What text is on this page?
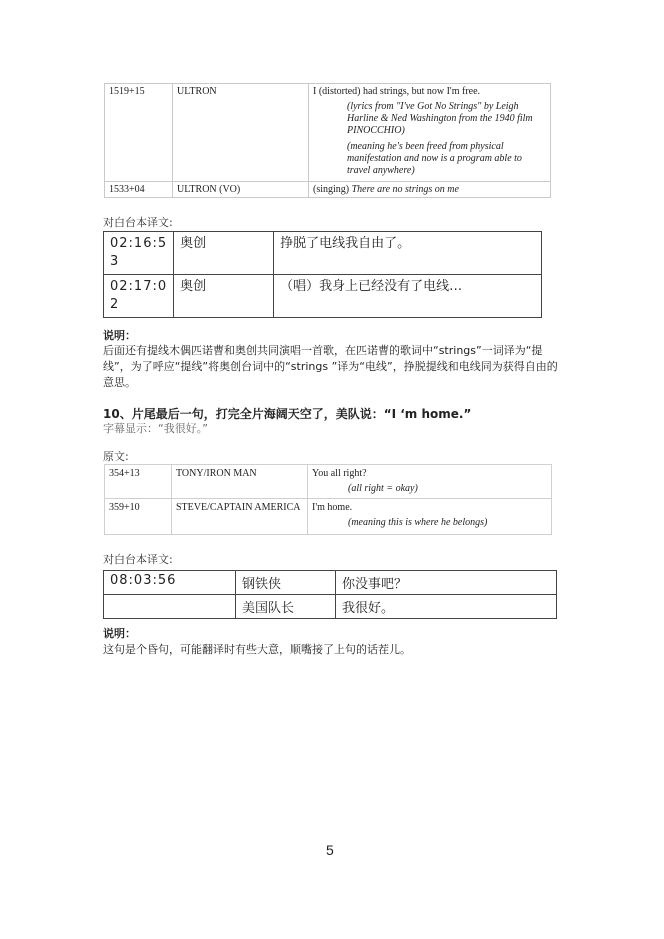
1519+15	ULTRON	I (distorted) had strings, but now I'm free.
(lyrics from "I've Got No Strings" by Leigh Harline & Ned Washington from the 1940 film PINOCCHIO)
(meaning he's been freed from physical manifestation and now is a program able to travel anywhere)

1533+04	ULTRON (VO)	(singing) There are no strings on me
对白台本译文:
02:16:5
3	奥创	挣脱了电线我自由了。

02:17:0
2	奥创	（唱）我身上已经没有了电线…
说明：
后面还有提线木偶匹诺曹和奥创共同演唱一首歌，在匹诺曹的歌词中“strings”一词译为“提线”，为了呼应“提线”将奥创台词中的“strings ”译为“电线”，挣脱提线和电线同为获得自由的意思。
10、片尾最后一句，打完全片海阔天空了，美队说：“I ‘m home.”
字幕显示：“我很好。”
原文:
354+13	TONY/IRON MAN	You all right?
(all right = okay)

359+10	STEVE/CAPTAIN AMERICA	I'm home.
(meaning this is where he belongs)
对白台本译文:
08:03:56	钢铁侠	你没事吧？
	美国队长	我很好。
说明：
这句是个昏句，可能翻译时有些大意，顺嘴接了上句的话茬儿。
5
